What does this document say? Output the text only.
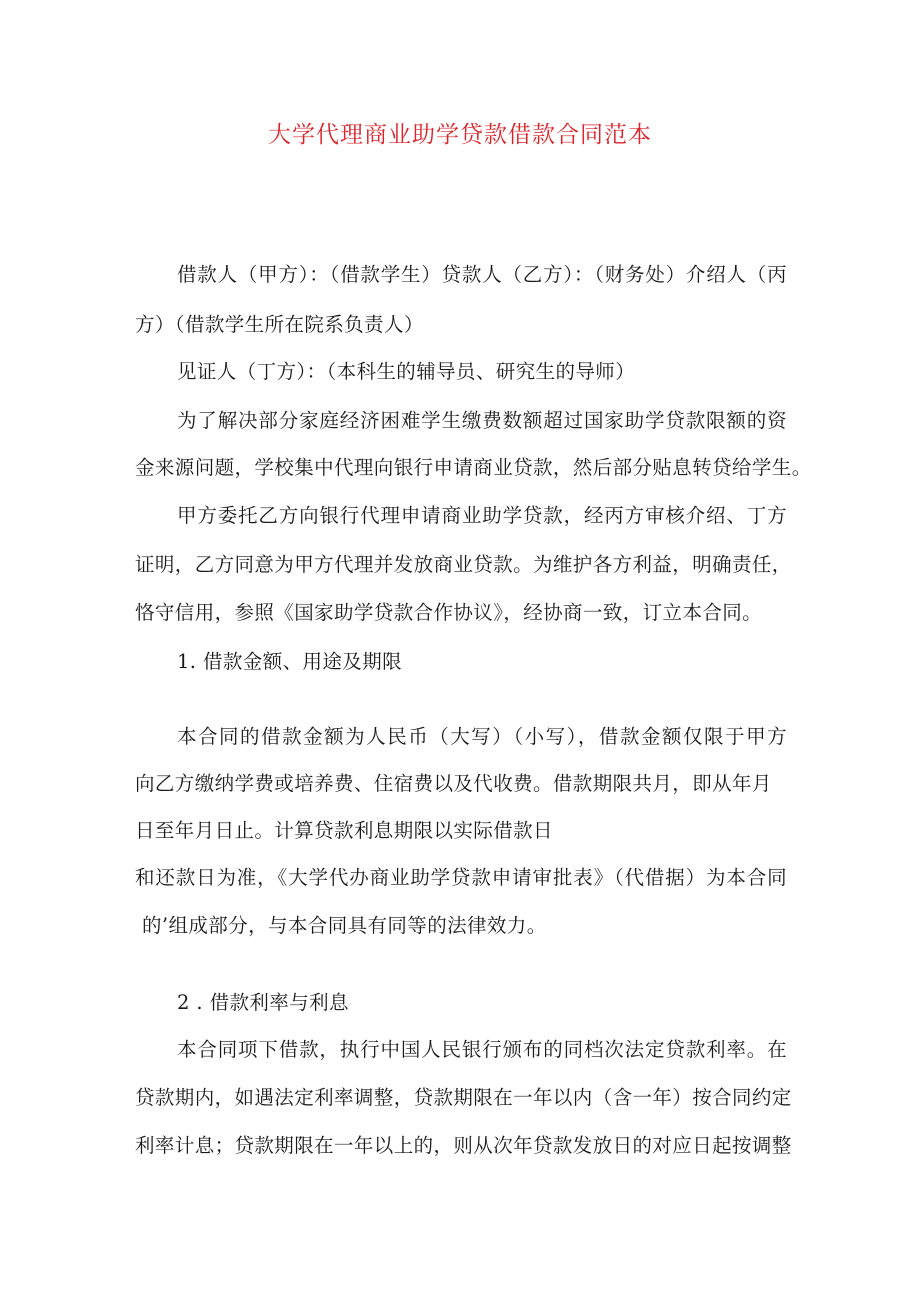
大学代理商业助学贷款借款合同范本
借款人（甲方）：（借款学生）贷款人（乙方）：（财务处）介绍人（丙
方）（借款学生所在院系负责人）
见证人（丁方）：（本科生的辅导员、研究生的导师）
为了解决部分家庭经济困难学生缴费数额超过国家助学贷款限额的资
金来源问题，学校集中代理向银行申请商业贷款，然后部分贴息转贷给学生。
甲方委托乙方向银行代理申请商业助学贷款，经丙方审核介绍、丁方
证明，乙方同意为甲方代理并发放商业贷款。为维护各方利益，明确责任，
恪守信用，参照《国家助学贷款合作协议》，经协商一致，订立本合同。
1. 借款金额、用途及期限
本合同的借款金额为人民币（大写）（小写），借款金额仅限于甲方
向乙方缴纳学费或培养费、住宿费以及代收费。借款期限共月，即从年月
日至年月日止。计算贷款利息期限以实际借款日
和还款日为准，《大学代办商业助学贷款申请审批表》（代借据）为本合同
的’组成部分，与本合同具有同等的法律效力。
2 . 借款利率与利息
本合同项下借款，执行中国人民银行颁布的同档次法定贷款利率。在
贷款期内，如遇法定利率调整，贷款期限在一年以内（含一年）按合同约定
利率计息；贷款期限在一年以上的，则从次年贷款发放日的对应日起按调整
